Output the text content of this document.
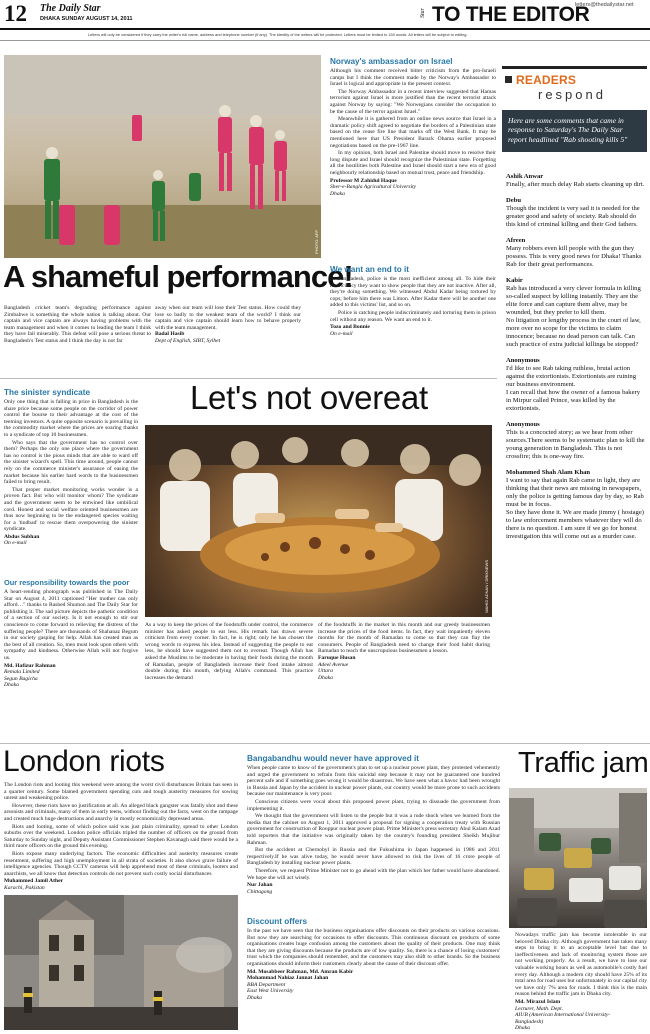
12 The Daily Star
DHAKA SUNDAY AUGUST 14, 2011
Star TO THE EDITOR
letters@thedailystar.net
Letters will only be considered if they carry the writer's full name, address and telephone number (if any). The identity of the writers will be protected. Letters must be limited to 150 words. All letters will be subject to editing.
PHOTO: AFP
A shameful performance!
Bangladesh cricket team's degrading performance against Zimbabwe is something the whole nation is talking about. Our captain and vice captain are always having problems with the team management and when it comes to leading the team I think they have fail miserably. This defeat will pose a serious threat to Bangladesh's Test status and I think the day is not far
away when our team will lose their Test status. How could they lose so badly to the weakest team of the world? I think our captain and vice captain should learn how to behave properly with the team management.
Badal Hasib
Dept of English, SIBT, Sylhet
Norway's ambassador on Israel

Although his comment received bitter criticism from the pro-Israeli camps but I think the comment made by the Norway's Ambassador to Israel is logical and appropriate in the present context.

The Norway Ambassador in a recent interview suggested that Hamas terrorism against Israel is more justified than the recent terrorist attack against Norway by saying: "We Norwegians consider the occupation to be the cause of the terror against Israel."

Meanwhile it is gathered from an online news source that Israel in a dramatic policy shift agreed to negotiate the borders of a Palestinian state based on the cease fire line that marks off the West Bank. It may be mentioned here that US President Barack Obama earlier proposed negotiations based on the pre-1967 line.

In my opinion, both Israel and Palestine should move to resolve their long dispute and Israel should recognize the Palestinian state. Forgetting all the hostilities both Palestine and Israel should start a new era of good neighbourly relationship based on mutual trust, peace and friendship.

Professor M Zahidul Haque
Sher-e-Bangla Agricultural University
Dhaka
We want an end to it

In Bangladesh, police is the most inefficient among all. To hide their inefficiency they want to show people that they are not inactive. After all, they're doing something. We witnessed Abdul Kadar being tortured by cops; before him there was Limon. After Kadar there will be another one added to this victims' list, and so on.

Police is catching people indiscriminately and torturing them in prison cell without any reason. We want an end to it.

Tozo and Bonnie
On e-mail
READERS
respond
Here are some comments that came in response to Saturday's The Daily Star report headlined "Rab shooting kills 5"
Ashik Anwar
Finally, after much delay Rab starts cleaning up dirt.
Debu
Though the incident is very sad it is needed for the greater good and safety of society. Rab should do this kind of criminal killing and their God fathers.
Afreen
Many robbers even kill people with the gun they possess. This is very good news for Dhaka! Thanks Rab for their great performances.
Kabir
Rab has introduced a very clever formula in killing so-called suspect by killing instantly. They are the elite force and can capture them alive, may be wounded, but they prefer to kill them.
No litigation or lengthy process in the court of law, more over no scope for the victims to claim innocence; because no dead person can talk. Can such practice of extra judicial killings be stopped?
Anonymous
I'd like to see Rab taking ruthless, brutal action against the extortionists. Extortionists are ruining our business environment.
I can recall that how the owner of a famous bakery in Mirpur called Prince, was killed by the extortionists.
Anonymous
This is a concocted story; as we hear from other sources.There seems to be systematic plan to kill the young generation in Bangladesh. This is not crossfire; this is one-way fire.
Mohammed Shah Alam Khan
I want to say that again Rab came in light, they are thinking that their news are missing in newspapers, only the police is getting famous day by day, so Rab must be in focus.
So they have done it. We are made jimmy ( hostage) to law enforcement members whatever they will do there is no question. I am sure if we go for honest investigation this will come out as a murder case.
The sinister syndicate

Only one thing that is falling in price in Bangladesh is the share price because some people on the corridor of power control the bourse to their advantage at the cost of the teeming investors. A quite opposite scenario is prevailing in the commodity market where the prices are soaring thanks to a syndicate of top 10 businessmen.

Who says that the government has no control over them? Perhaps the only one place where the government has no control is the pious minds that are able to ward off the sinister wizard's spell. This time around, people cannot rely on the commerce minister's assurance of easing the market because his earlier hard words to the businessmen failed to bring result.

That proper market monitoring works wonder is a proven fact. But who will monitor whom? The syndicate and the government seem to be entwined like umbilical cord. Honest and social welfare oriented businessmen are thus now beginning to be the endangered species waiting for a 'tindbad' to rescue them overpowering the sinister syndicate.

Abdus Subhan
On e-mail
Our responsibility towards the poor

A heart-rending photograph was published in The Daily Star on August 4, 2011 captioned "Her mother can only afford…" thanks to Rashed Shumon and The Daily Star for publishing it. The sad picture depicts the pathetic condition of a section of our society. Is it not enough to stir our conscience to come forward to relieving the distress of the suffering people? There are thousands of Shahanaz Begum in our society gasping for help. Allah has created man as the best of all creation. So, men must look upon others with sympathy and kindness. Otherwise Allah will not forgive us.

Md. Hafizur Rahman
Remala Limited
Segun Bagicha
Dhaka
Let's not overeat
WAHID ADNAN / DRIKNEWS
As a way to keep the prices of the foodstuffs under control, the commerce minister has asked people to eat less. His remark has drawn severe criticism from every corner. In fact, he is right; only he has chosen the wrong words to express his idea. Instead of suggesting the people to eat less, he should have suggested them not to overeat. Though Allah has asked the Muslims to be moderate in having their foods during the month of Ramadan, people of Bangladesh increase their food intake almost double during this month, defying Allah's command. This practice increases the demand
of the foodstuffs in the market in this month and our greedy businessmen increase the prices of the food items. In fact, they wait impatiently eleven months for the month of Ramadan to come so that they can flay the consumers. People of Bangladesh need to change their food habit during Ramadan to teach the unscrupulous businessmen a lesson.
Faruque Husan
Adeel Avenue
Uttara
Dhaka
London riots

The London riots and looting this weekend were among the worst civil disturbances Britain has seen in a quarter century. Some blamed government spending cuts and tough austerity measures for sowing unrest and weakening police.

However, these riots have no justification at all. An alleged black gangster was fatally shot and these arsonists and criminals, many of them in early teens, without finding out the facts, went on the rampage and created much huge destructions and anarchy in mostly economically depressed areas.

Riots and looting, some of which police said was just plain criminality, spread to other London suburbs over the weekend. London police officials tripled the number of officers on the ground from Saturday to Sunday night, and Deputy Assistant Commissioner Stephen Kavanagh said there would be a third more officers on the ground this evening.

Riots expose many underlying factors. The economic difficulties and austerity measures create resentment, suffering and high unemployment in all strata of societies. It also shows grave failure of intelligence agencies. Though CCTV cameras will help apprehend most of these criminals, looters and anarchists, we all know that detection controls do not prevent such costly social disturbances

Muhammed Jamil Ather
Karachi, Pakistan
Bangabandhu would never have approved it

When people came to know of the government's plan to set up a nuclear power plant, they protested vehemently and urged the government to refrain from this suicidal step because it may not be guaranteed one hundred percent safe and if something goes wrong it would be disastrous. We have seen what a havoc had been wrought in Russia and Japan by the accident in nuclear power plants, our country would be more prone to such accidents because our maintenance is very poor.

Conscious citizens were vocal about this proposed power plant, trying to dissuade the government from implementing it.

We thought that the government will listen to the people but it was a rude shock when we learned from the media that the cabinet on August 1, 2011 approved a proposal for signing a cooperation treaty with Russian government for construction of Rooppur nuclear power plant. Prime Minister's press secretary Abul Kalam Azad told reporters that the initiative was originally taken by the country's founding president Sheikh Mujibur Rahman.

But the accident at Chernobyl in Russia and the Fukushima in Japan happened in 1986 and 2011 respectively.If he was alive today, he would never have allowed to risk the lives of 16 crore people of Bangladesh by installing nuclear power plants.

Therefore, we request Prime Minister not to go ahead with the plan which her father would have abandoned. We hope she will act wisely.

Nur Jahan
Chittagong
Discount offers

In the past we have seen that the business organisations offer discounts on their products on various occasions. But now they are searching for occasions to offer discounts. This continuous discount on products of some organisations creates huge confusion among the customers about the quality of their products. One may think that they are giving discounts because the products are of low quality. So, there is a chance of losing customers' trust which the companies should remember, and the customers may also shift to other brands. So the business organisations should inform their customers clearly about the cause of their discount offer.

Md. Mosabbeer Rahman, Md. Amran Kabir
Mohammad Nahiaz Jannat Jahan
BBA Department
East West University
Dhaka
Traffic jam

Nowadays traffic jam has become intolerable in our beloved Dhaka city. Although government has taken many steps to bring it to an acceptable level but due to ineffectiveness and lack of monitoring system those are not working properly. As a result, we have to lose our valuable working hours as well as automobile's costly fuel every day. Although a modern city should have 25% of its total area for road uses but unfortunately in our capital city we have only 7% area for roads. I think this is the main reason behind the traffic jam in Dhaka city.

Md. Mirazul Islam
Lecturer, Math. Dept.
AIUB (American International University-
Bangladesh)
Dhaka
